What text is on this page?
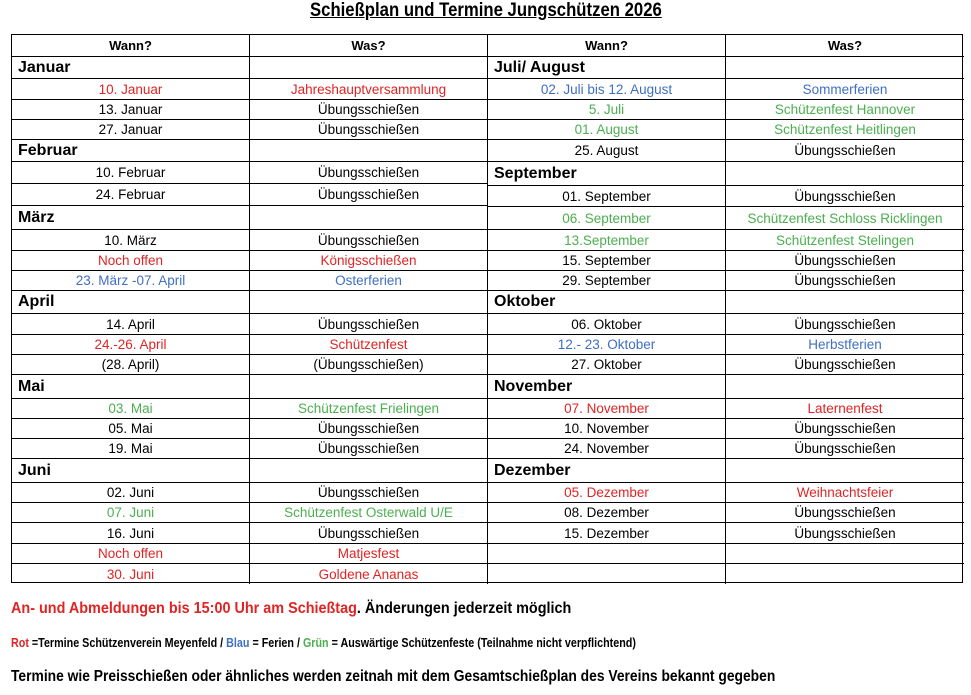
Schießplan und Termine Jungschützen 2026
Wann?	Was?
Januar
10. Januar	Jahreshauptversammlung
13. Januar	Übungsschießen
27. Januar	Übungsschießen
Februar
10. Februar	Übungsschießen
24. Februar	Übungsschießen
März
10. März	Übungsschießen
Noch offen	Königsschießen
23. März -07. April	Osterferien
April
14. April	Übungsschießen
24.-26. April	Schützenfest
(28. April)	(Übungsschießen)
Mai
03. Mai	Schützenfest Frielingen
05. Mai	Übungsschießen
19. Mai	Übungsschießen
Juni
02. Juni	Übungsschießen
07. Juni	Schützenfest Osterwald U/E
16. Juni	Übungsschießen
Noch offen	Matjesfest
30. Juni	Goldene Ananas
Wann?	Was?
Juli/ August
02. Juli bis 12. August	Sommerferien
5. Juli	Schützenfest Hannover
01. August	Schützenfest Heitlingen
25. August	Übungsschießen
September
01. September	Übungsschießen
06. September	Schützenfest Schloss Ricklingen
13.September	Schützenfest Stelingen
15. September	Übungsschießen
29. September	Übungsschießen
Oktober
06. Oktober	Übungsschießen
12.- 23. Oktober	Herbstferien
27. Oktober	Übungsschießen
November
07. November	Laternenfest
10. November	Übungsschießen
24. November	Übungsschießen
Dezember
05. Dezember	Weihnachtsfeier
08. Dezember	Übungsschießen
15. Dezember	Übungsschießen
An- und Abmeldungen bis 15:00 Uhr am Schießtag. Änderungen jederzeit möglich
Rot =Termine Schützenverein Meyenfeld / Blau = Ferien / Grün = Auswärtige Schützenfeste (Teilnahme nicht verpflichtend)
Termine wie Preisschießen oder ähnliches werden zeitnah mit dem Gesamtschießplan des Vereins bekannt gegeben
